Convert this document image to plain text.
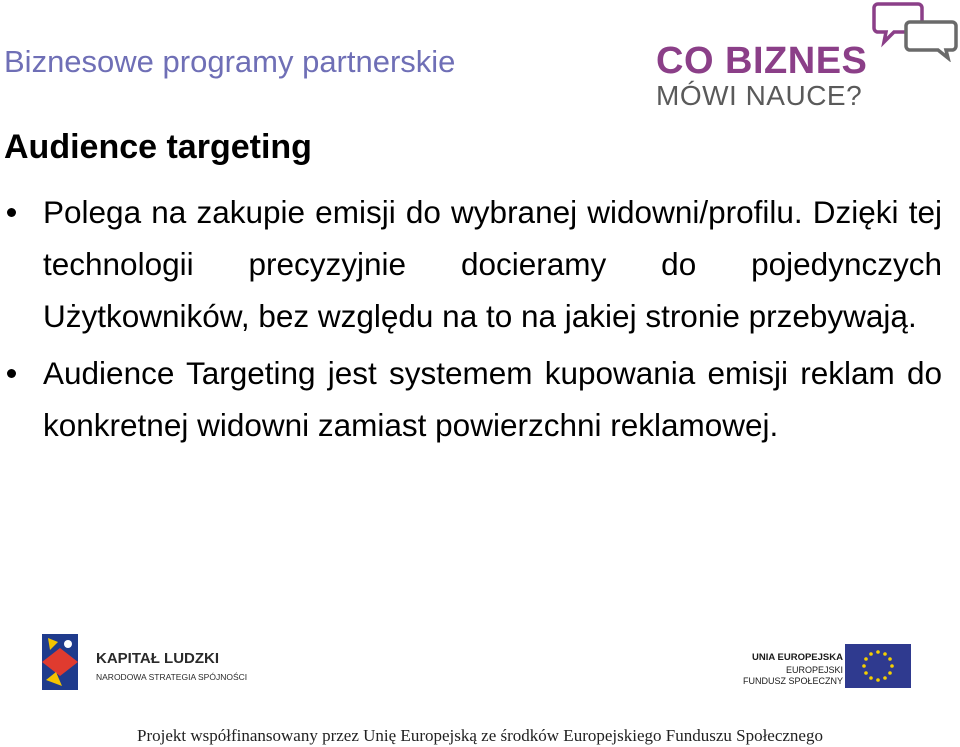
Biznesowe programy partnerskie	CO BIZNES
MÓWI NAUCE?
Audience targeting
Polega na zakupie emisji do wybranej widowni/profilu. Dzięki tej technologii precyzyjnie docieramy do pojedynczych Użytkowników, bez względu na to na jakiej stronie przebywają.
Audience Targeting jest systemem kupowania emisji reklam do konkretnej widowni zamiast powierzchni reklamowej.
KAPITAŁ LUDZKI
NARODOWA STRATEGIA SPÓJNOŚCI
UNIA EUROPEJSKA
EUROPEJSKI
FUNDUSZ SPOŁECZNY
Projekt współfinansowany przez Unię Europejską ze środków Europejskiego Funduszu Społecznego
